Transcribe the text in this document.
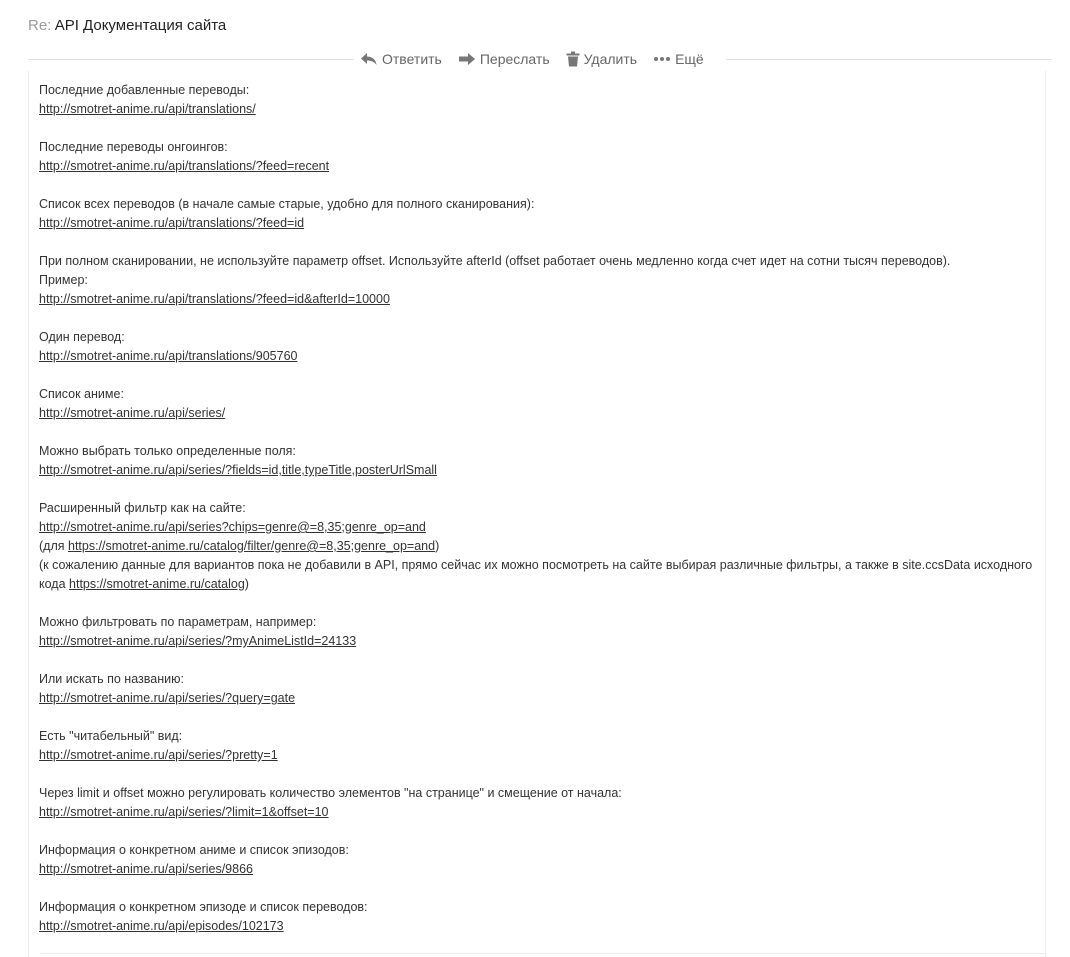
Re: API Документация сайта
Ответить	Переслать Удалить	Ещё
Последние добавленные переводы:
http://smotret-anime.ru/api/translations/
Последние переводы онгоингов:
http://smotret-anime.ru/api/translations/?feed=recent
Список всех переводов (в начале самые старые, удобно для полного сканирования):
http://smotret-anime.ru/api/translations/?feed=id
При полном сканировании, не используйте параметр offset. Используйте afterId (offset работает очень медленно когда счет идет на сотни тысяч переводов).
Пример:
http://smotret-anime.ru/api/translations/?feed=id&afterId=10000
Один перевод:
http://smotret-anime.ru/api/translations/905760
Список аниме:
http://smotret-anime.ru/api/series/
Можно выбрать только определенные поля:
http://smotret-anime.ru/api/series/?fields=id,title,typeTitle,posterUrlSmall
Расширенный фильтр как на сайте:
http://smotret-anime.ru/api/series?chips=genre@=8,35;genre_op=and
(для https://smotret-anime.ru/catalog/filter/genre@=8,35;genre_op=and)
(к сожалению данные для вариантов пока не добавили в API, прямо сейчас их можно посмотреть на сайте выбирая различные фильтры, а также в site.ccsData исходного кода https://smotret-anime.ru/catalog)
Можно фильтровать по параметрам, например:
http://smotret-anime.ru/api/series/?myAnimeListId=24133
Или искать по названию:
http://smotret-anime.ru/api/series/?query=gate
Есть "читабельный" вид:
http://smotret-anime.ru/api/series/?pretty=1
Через limit и offset можно регулировать количество элементов "на странице" и смещение от начала:
http://smotret-anime.ru/api/series/?limit=1&offset=10
Информация о конкретном аниме и список эпизодов:
http://smotret-anime.ru/api/series/9866
Информация о конкретном эпизоде и список переводов:
http://smotret-anime.ru/api/episodes/102173
